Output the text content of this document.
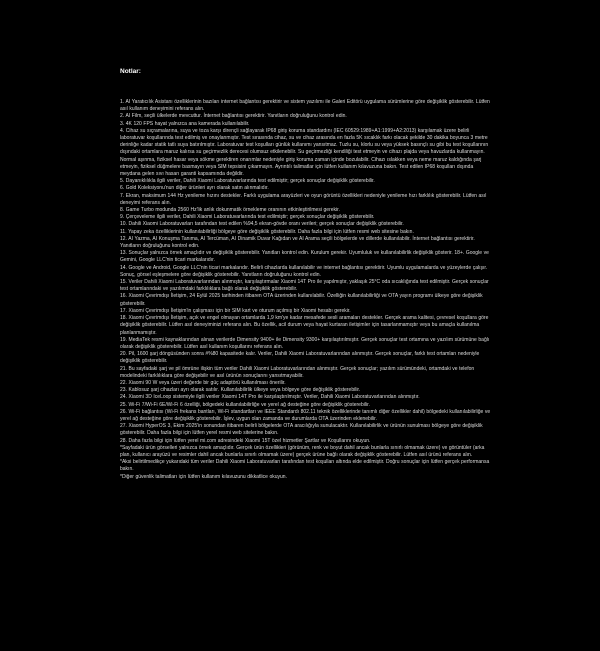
Notlar:

1. AI Yaratıcılık Asistanı özelliklerinin bazıları internet bağlantısı gerektirir ve sistem yazılımı ile Galeri Editörü uygulama sürümlerine göre değişiklik gösterebilir. Lütfen asıl kullanım deneyimini referans alın.

2. AI Film, seçili ülkelerde mevcuttur. İnternet bağlantısı gerektirir. Yanıtların doğruluğunu kontrol edin.

3. 4K 120 FPS hayat yalnızca ana kamerada kullanılabilir.

4. Cihaz su sıçramalarına, suya ve toza karşı dirençli sağlayarak IP68 giriş koruma standardını (IEC 60529:1989+A1:1999+A2:2013) karşılamak üzere belirli laboratuvar koşullarında test edilmiş ve onaylanmıştır. Test sırasında cihaz, su ve cihaz arasında en fazla 5K sıcaklık farkı olacak şekilde 30 dakika boyunca 3 metre derinliğe kadar statik tatlı suya batırılmıştır. Laboratuvar test koşulları günlük kullanımı yansıtmaz. Tuzlu su, klorlu su veya yüksek basınçlı su gibi bu test koşullarının dışındaki ortamlara maruz kalırsa su geçirmezlik derecesi olumsuz etkilenebilir. Su geçirmezliği kendiliği test etmeyin ve cihazı plajda veya havuzlarda kullanmayın. Normal aşınma, fiziksel hasar veya sökme gerektiren onarımlar nedeniyle giriş koruma zaman içinde bozulabilir. Cihazı ıslakken veya neme maruz kaldığında şarj etmeyin, fiziksel düğmelere basmayın veya SIM tepsisini çıkarmayın. Ayrıntılı talimatlar için lütfen kullanım kılavuzuna bakın. Test edilen IP68 koşulları dışında meydana gelen sıvı hasarı garanti kapsamında değildir.

5. Dayanıklılıkla ilgili veriler, Dahili Xiaomi Laboratuvarlarında test edilmiştir; gerçek sonuçlar değişiklik gösterebilir.

6. Gold Koleksiyonu'nun diğer ürünleri ayrı olarak satın alınmalıdır.

7. Ekran, maksimum 144 Hz yenileme hızını destekler. Farklı uygulama arayüzleri ve oyun görüntü özellikleri nedeniyle yenileme hızı farklılık gösterebilir. Lütfen asıl deneyimi referans alın.

8. Game Turbo modunda 2560 Hz'lik anlık dokunmatik örnekleme oranının etkinleştirilmesi gerekir.

9. Çerçeveleme ilgili veriler, Dahili Xiaomi Laboratuvarlarında test edilmiştir; gerçek sonuçlar değişiklik gösterebilir.

10. Dahili Xiaomi Laboratuvarları tarafından test edilen %94,5 ekran-gövde oranı verileri; gerçek sonuçlar değişiklik gösterebilir.

11. Yapay zeka özelliklerinin kullanılabilirliği bölgeye göre değişiklik gösterebilir. Daha fazla bilgi için lütfen resmi web sitesine bakın.

12. AI Yazma, AI Konuşma Tanıma, AI Tercüman, AI Dinamik Duvar Kağıdan ve AI Arama seçili bölgelerde ve dillerde kullanılabilir. İnternet bağlantısı gerektirir. Yanıtların doğruluğunu kontrol edin.

13. Sonuçlar yalnızca örnek amaçlıdır ve değişiklik gösterebilir. Yanıtları kontrol edin. Kurulum gerekir. Uyumluluk ve kullanılabilirlik değişiklik gösterir. 18+. Google ve Gemini, Google LLC'nin ticari markalarıdır.

14. Google ve Android, Google LLC'nin ticari markalarıdır. Belirli cihazlarda kullanılabilir ve internet bağlantısı gerektirir. Uyumlu uygulamalarda ve yüzeylerde çalışır. Sonuç, görsel eşleşmelere göre değişiklik gösterebilir. Yanıtların doğruluğunu kontrol edin.

15. Veriler Dahili Xiaomi Laboratuvarlarından alınmıştır, karşılaştırmalar Xiaomi 14T Pro ile yapılmıştır, yaklaşık 25°C oda sıcaklığında test edilmiştir. Gerçek sonuçlar test ortamlarındaki ve yazılımdaki farklılıklara bağlı olarak değişiklik gösterebilir.

16. Xiaomi Çevrimdışı İletişim, 24 Eylül 2025 tarihinden itibaren OTA üzerinden kullanılabilir. Özelliğin kullanılabilirliği ve OTA yayın programı ülkeye göre değişiklik gösterebilir.

17. Xiaomi Çevrimdışı İletişim'in çalışması için bir SIM kart ve oturum açılmış bir Xiaomi hesabı gerekir.

18. Xiaomi Çevrimdışı İletişim, açık ve engel olmayan ortamlarda 1,9 km'ye kadar mesafede sesli aramaları destekler. Gerçek arama kalitesi, çevresel koşullara göre değişiklik gösterebilir. Lütfen asıl deneyiminizi referans alın. Bu özellik, acil durum veya hayat kurtaran iletişimler için tasarlanmamıştır veya bu amaçla kullanılma planlanmamıştır.

19. MediaTek resmi kaynaklarından alınan verilerde Dimensity 9400+ ile Dimensity 9300+ karşılaştırılmıştır. Gerçek sonuçlar test ortamına ve yazılım sürümüne bağlı olarak değişiklik gösterebilir. Lütfen asıl kullanım koşullarını referans alın.

20. Pil, 1600 şarj döngüsünden sonra #%80 kapasitede kalır. Veriler, Dahili Xiaomi Laboratuvarlarından alınmıştır. Gerçek sonuçlar, farklı test ortamları nedeniyle değişiklik gösterebilir.

21. Bu sayfadaki şarj ve pil ömrüne ilişkin tüm veriler Dahili Xiaomi Laboratuvarlarından alınmıştır. Gerçek sonuçlar; yazılım sürümündeki, ortamdaki ve telefon modelindeki farklılıklara göre değişebilir ve asıl ürünün sonuçlarını yansıtmayabilir.

22. Xiaomi 90 W veya üzeri değerde bir güç adaptörü kullanılması önerilir.

23. Kablosuz şarj cihazları ayrı olarak satılır. Kullanılabilirlik ülkeye veya bölgeye göre değişiklik gösterebilir.

24. Xiaomi 3D IceLoop sistemiyle ilgili veriler Xiaomi 14T Pro ile karşılaştırılmıştır. Veriler, Dahili Xiaomi Laboratuvarlarından alınmıştır.

25. Wi-Fi 7/Wi-Fi 6E/Wi-Fi 6 özelliği, bölgedeki kullanılabilirliğe ve yerel ağ desteğine göre değişiklik gösterebilir.

26. Wi-Fi bağlantısı (Wi-Fi frekans bantları, Wi-Fi standartları ve IEEE Standardı 802.11 teknik özelliklerinde tanımlı diğer özellikler dahil) bölgedeki kullanılabilirliğe ve yerel ağ desteğine göre değişiklik gösterebilir. İşlev, uygun olan zamanda ve durumlarda OTA üzerinden eklenebilir.

27. Xiaomi HyperOS 3, Ekim 2025'in sonundan itibaren belirli bölgelerde OTA aracılığıyla sunulacaktır. Kullanılabilirlik ve ürünün sunulması bölgeye göre değişiklik gösterebilir. Daha fazla bilgi için lütfen yerel resmi web sitelerine bakın.

28. Daha fazla bilgi için lütfen yerel mi.com adresindeki Xiaomi 15T özel hizmetler Şartlar ve Koşullarını okuyun.

*Sayfadaki ürün görselleri yalnızca örnek amaçlıdır. Gerçek ürün özellikleri (görünüm, renk ve boyut dahil ancak bunlarla sınırlı olmamak üzere) ve görüntüler (arka plan, kullanıcı arayüzü ve resimler dahil ancak bunlarla sınırlı olmamak üzere) gerçek ürüne bağlı olarak değişiklik gösterebilir. Lütfen asıl ürünü referans alın.

*Aksi belirtilmedikçe yukarıdaki tüm veriler Dahili Xiaomi Laboratuvarları tarafından test koşulları altında elde edilmiştir. Doğru sonuçlar için lütfen gerçek performansa bakın.

*Diğer güvenlik talimatları için lütfen kullanım kılavuzunu dikkatlice okuyun.
